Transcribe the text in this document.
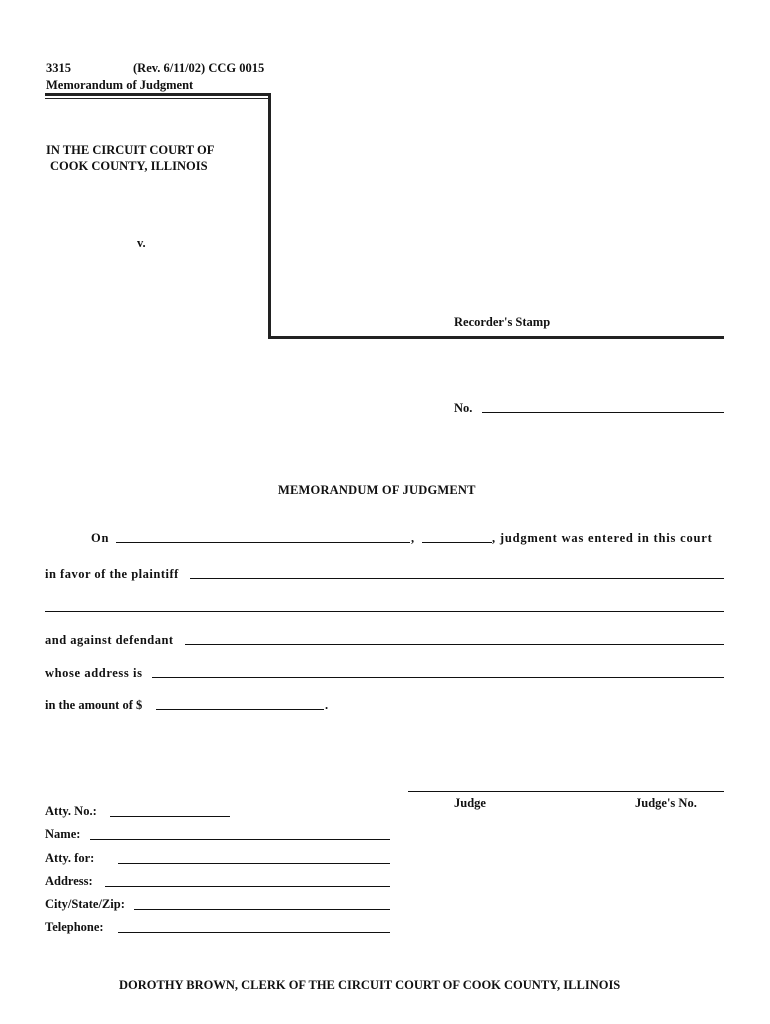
3315	(Rev. 6/11/02) CCG 0015
Memorandum of Judgment
IN THE CIRCUIT COURT OF
COOK COUNTY, ILLINOIS
v.
Recorder's Stamp
No.
MEMORANDUM OF JUDGMENT
On	,	, judgment was entered in this court
in favor of the plaintiff
and against defendant
whose address is
in the amount of $	.
Judge	Judge's No.
Atty. No.:
Name:
Atty. for:
Address:
City/State/Zip:
Telephone:
DOROTHY BROWN, CLERK OF THE CIRCUIT COURT OF COOK COUNTY, ILLINOIS
